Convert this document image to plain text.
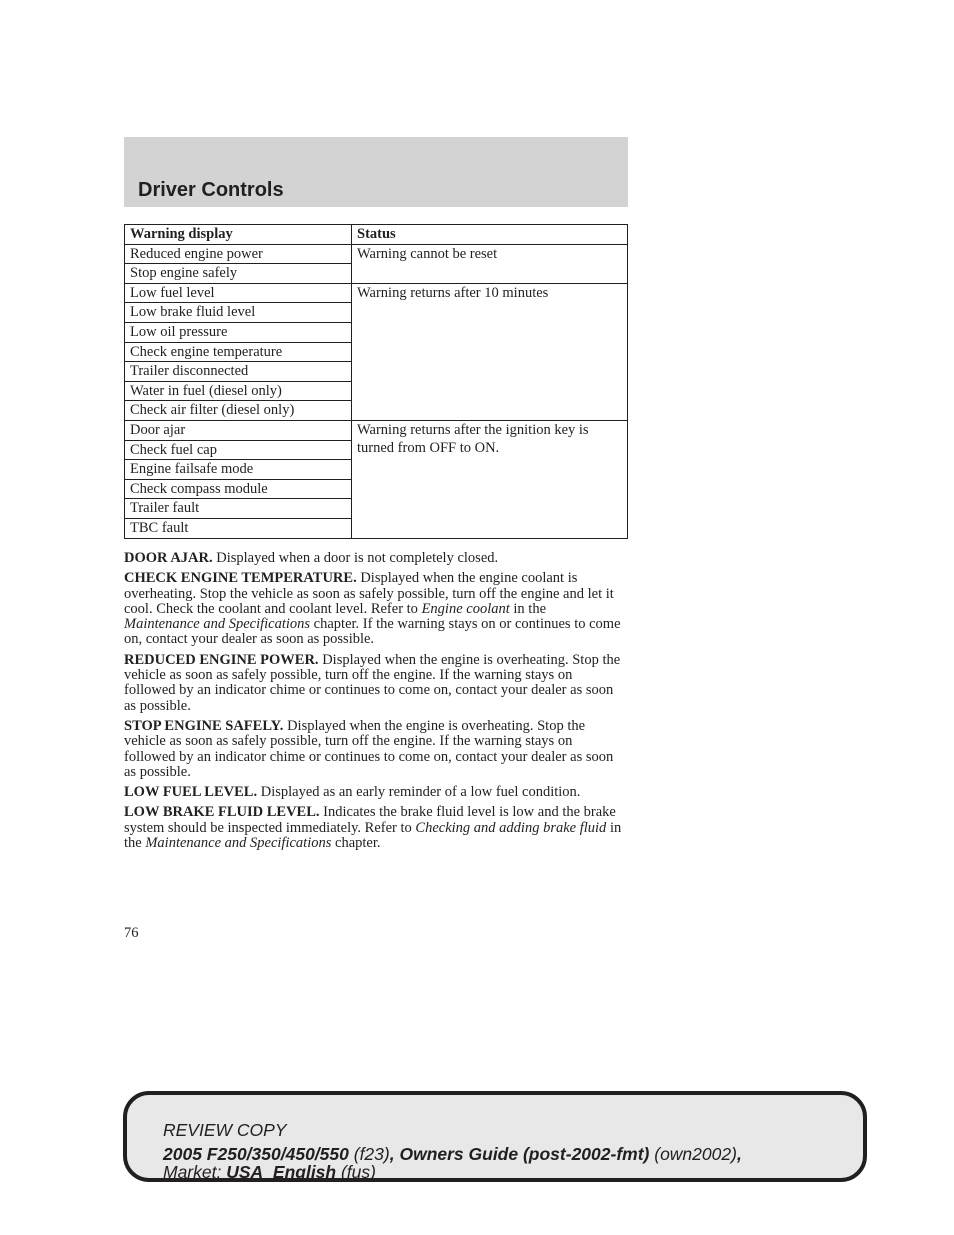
Driver Controls
Warning display	Status
Reduced engine power	Warning cannot be reset
Stop engine safely	
Low fuel level	Warning returns after 10 minutes
Low brake fluid level	
Low oil pressure	
Check engine temperature	
Trailer disconnected	
Water in fuel (diesel only)	
Check air filter (diesel only)	
Door ajar	Warning returns after the ignition key is turned from OFF to ON.
Check fuel cap	
Engine failsafe mode	
Check compass module	
Trailer fault	
TBC fault	

DOOR AJAR. Displayed when a door is not completely closed.

CHECK ENGINE TEMPERATURE. Displayed when the engine coolant is overheating. Stop the vehicle as soon as safely possible, turn off the engine and let it cool. Check the coolant and coolant level. Refer to Engine coolant in the Maintenance and Specifications chapter. If the warning stays on or continues to come on, contact your dealer as soon as possible.

REDUCED ENGINE POWER. Displayed when the engine is overheating. Stop the vehicle as soon as safely possible, turn off the engine. If the warning stays on followed by an indicator chime or continues to come on, contact your dealer as soon as possible.

STOP ENGINE SAFELY. Displayed when the engine is overheating. Stop the vehicle as soon as safely possible, turn off the engine. If the warning stays on followed by an indicator chime or continues to come on, contact your dealer as soon as possible.

LOW FUEL LEVEL. Displayed as an early reminder of a low fuel condition.

LOW BRAKE FLUID LEVEL. Indicates the brake fluid level is low and the brake system should be inspected immediately. Refer to Checking and adding brake fluid in the Maintenance and Specifications chapter.

76
REVIEW COPY
2005 F250/350/450/550 (f23), Owners Guide (post-2002-fmt) (own2002),
Market: USA_English (fus)
